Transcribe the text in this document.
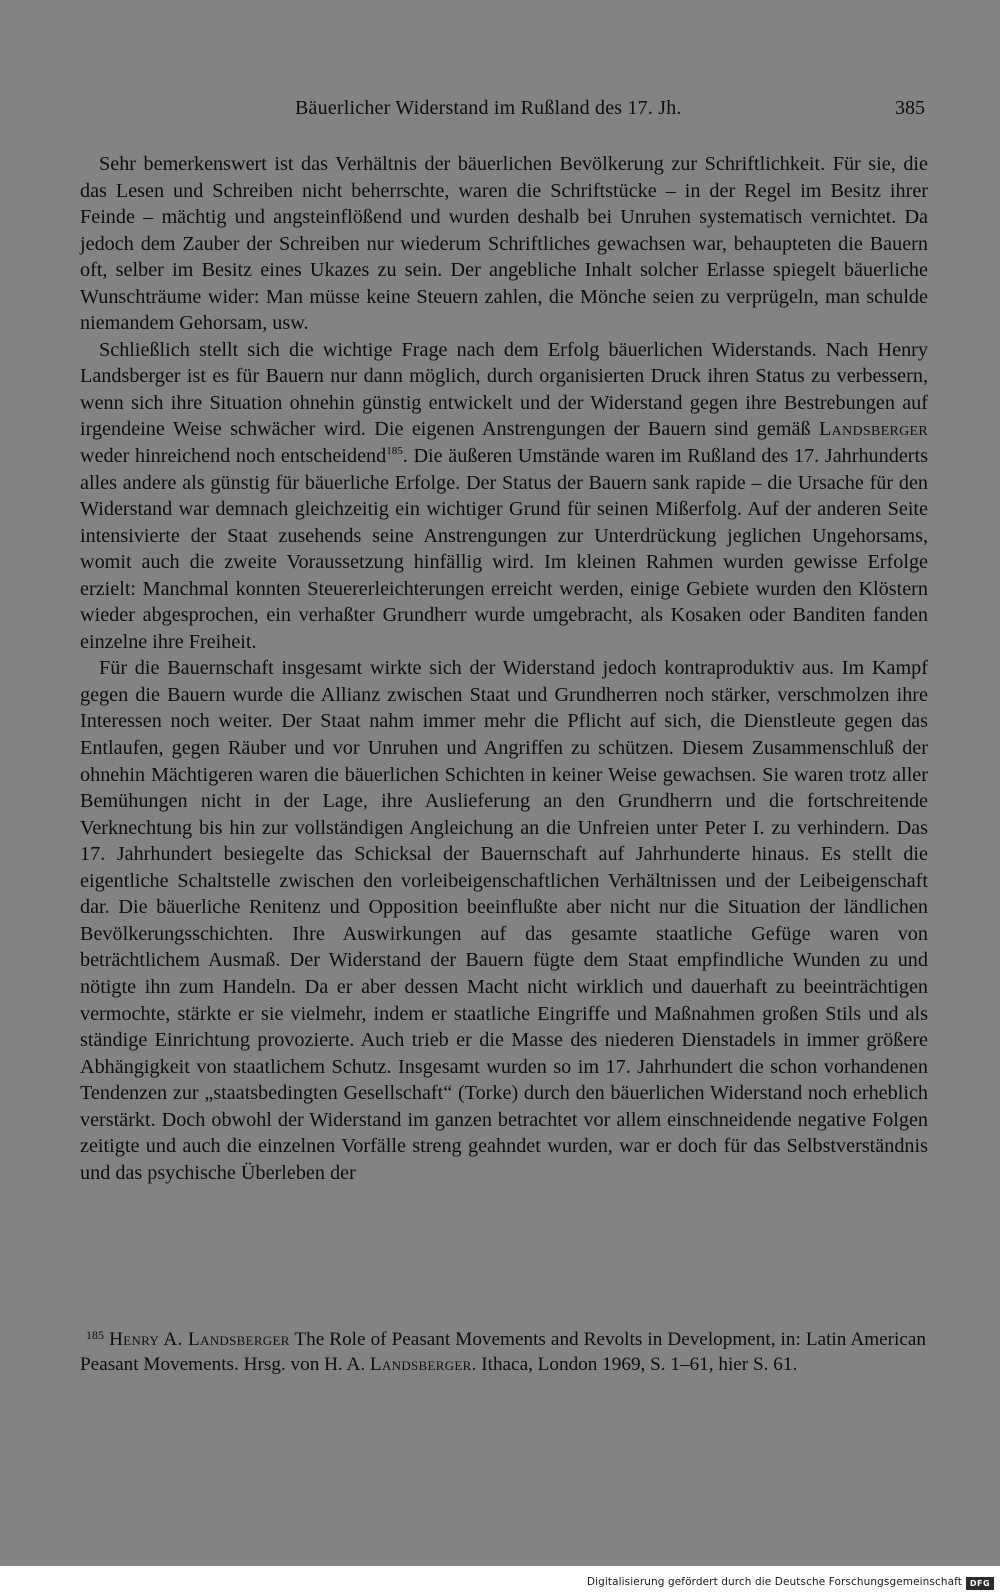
Bäuerlicher Widerstand im Rußland des 17. Jh.	385

Sehr bemerkenswert ist das Verhältnis der bäuerlichen Bevölkerung zur Schriftlichkeit. Für sie, die das Lesen und Schreiben nicht beherrschte, waren die Schriftstücke – in der Regel im Besitz ihrer Feinde – mächtig und angsteinflößend und wurden deshalb bei Unruhen systematisch vernichtet. Da jedoch dem Zauber der Schreiben nur wiederum Schriftliches gewachsen war, behaupteten die Bauern oft, selber im Besitz eines Ukazes zu sein. Der angebliche Inhalt solcher Erlasse spiegelt bäuerliche Wunschträume wider: Man müsse keine Steuern zahlen, die Mönche seien zu verprügeln, man schulde niemandem Gehorsam, usw.

Schließlich stellt sich die wichtige Frage nach dem Erfolg bäuerlichen Widerstands. Nach Henry Landsberger ist es für Bauern nur dann möglich, durch organisierten Druck ihren Status zu verbessern, wenn sich ihre Situation ohnehin günstig entwickelt und der Widerstand gegen ihre Bestrebungen auf irgendeine Weise schwächer wird. Die eigenen Anstrengungen der Bauern sind gemäß Landsberger weder hinreichend noch entscheidend$^{185}$. Die äußeren Umstände waren im Rußland des 17. Jahrhunderts alles andere als günstig für bäuerliche Erfolge. Der Status der Bauern sank rapide – die Ursache für den Widerstand war demnach gleichzeitig ein wichtiger Grund für seinen Mißerfolg. Auf der anderen Seite intensivierte der Staat zusehends seine Anstrengungen zur Unterdrückung jeglichen Ungehorsams, womit auch die zweite Voraussetzung hinfällig wird. Im kleinen Rahmen wurden gewisse Erfolge erzielt: Manchmal konnten Steuererleichterungen erreicht werden, einige Gebiete wurden den Klöstern wieder abgesprochen, ein verhaßter Grundherr wurde umgebracht, als Kosaken oder Banditen fanden einzelne ihre Freiheit.

Für die Bauernschaft insgesamt wirkte sich der Widerstand jedoch kontraproduktiv aus. Im Kampf gegen die Bauern wurde die Allianz zwischen Staat und Grundherren noch stärker, verschmolzen ihre Interessen noch weiter. Der Staat nahm immer mehr die Pflicht auf sich, die Dienstleute gegen das Entlaufen, gegen Räuber und vor Unruhen und Angriffen zu schützen. Diesem Zusammenschluß der ohnehin Mächtigeren waren die bäuerlichen Schichten in keiner Weise gewachsen. Sie waren trotz aller Bemühungen nicht in der Lage, ihre Auslieferung an den Grundherrn und die fortschreitende Verknechtung bis hin zur vollständigen Angleichung an die Unfreien unter Peter I. zu verhindern. Das 17. Jahrhundert besiegelte das Schicksal der Bauernschaft auf Jahrhunderte hinaus. Es stellt die eigentliche Schaltstelle zwischen den vorleibeigenschaftlichen Verhältnissen und der Leibeigenschaft dar. Die bäuerliche Renitenz und Opposition beeinflußte aber nicht nur die Situation der ländlichen Bevölkerungsschichten. Ihre Auswirkungen auf das gesamte staatliche Gefüge waren von beträchtlichem Ausmaß. Der Widerstand der Bauern fügte dem Staat empfindliche Wunden zu und nötigte ihn zum Handeln. Da er aber dessen Macht nicht wirklich und dauerhaft zu beeinträchtigen vermochte, stärkte er sie vielmehr, indem er staatliche Eingriffe und Maßnahmen großen Stils und als ständige Einrichtung provozierte. Auch trieb er die Masse des niederen Dienstadels in immer größere Abhängigkeit von staatlichem Schutz. Insgesamt wurden so im 17. Jahrhundert die schon vorhandenen Tendenzen zur „staatsbedingten Gesellschaft“ (Torke) durch den bäuerlichen Widerstand noch erheblich verstärkt. Doch obwohl der Widerstand im ganzen betrachtet vor allem einschneidende negative Folgen zeitigte und auch die einzelnen Vorfälle streng geahndet wurden, war er doch für das Selbstverständnis und das psychische Überleben der

$^{185}$ Henry A. Landsberger The Role of Peasant Movements and Revolts in Development, in: Latin American Peasant Movements. Hrsg. von H. A. Landsberger. Ithaca, London 1969, S. 1–61, hier S. 61.
Digitalisierung gefördert durch die Deutsche Forschungsgemeinschaft DFG
